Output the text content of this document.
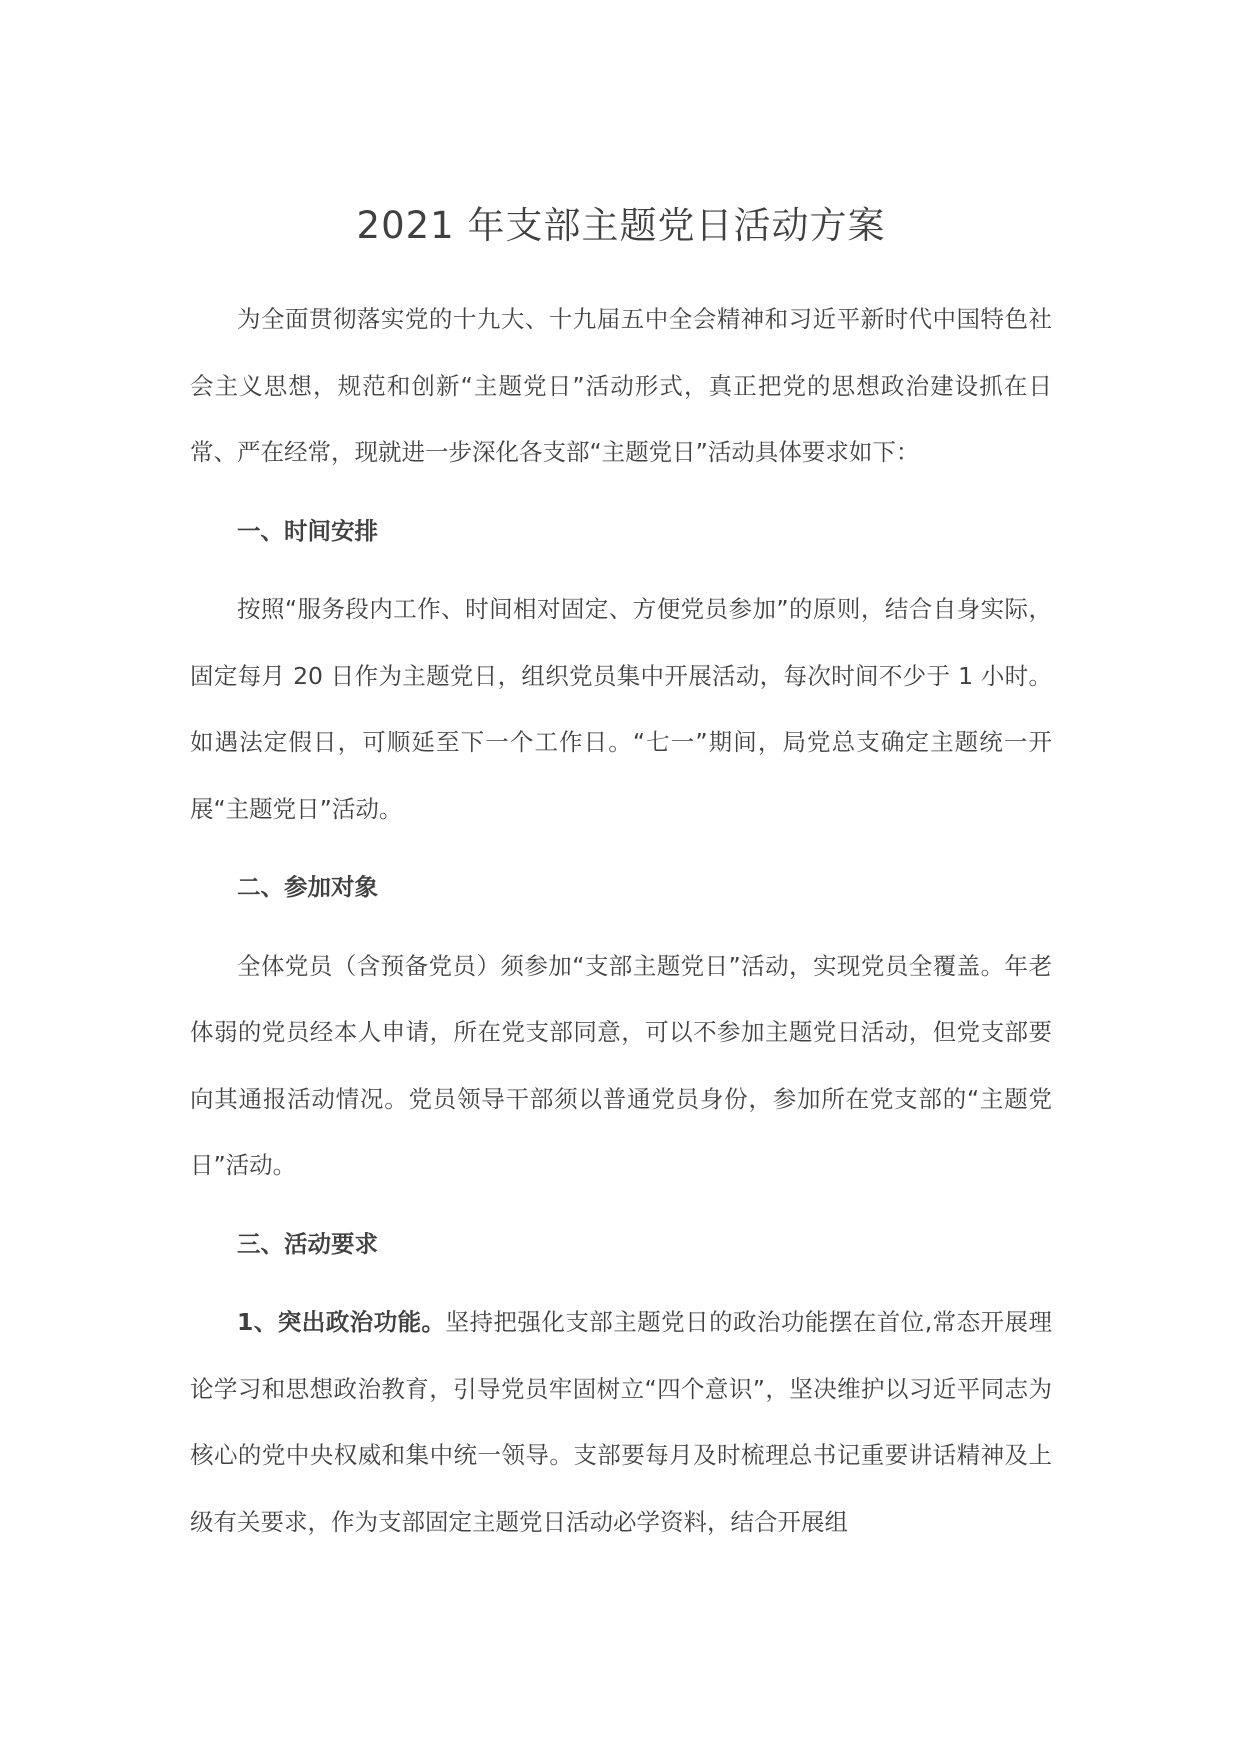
2021 年支部主题党日活动方案

为全面贯彻落实党的十九大、十九届五中全会精神和习近平新时代中国特色社会主义思想，规范和创新“主题党日”活动形式，真正把党的思想政治建设抓在日常、严在经常，现就进一步深化各支部“主题党日”活动具体要求如下：

一、时间安排

按照“服务段内工作、时间相对固定、方便党员参加”的原则，结合自身实际，固定每月 20 日作为主题党日，组织党员集中开展活动，每次时间不少于 1 小时。如遇法定假日，可顺延至下一个工作日。“七一”期间，局党总支确定主题统一开展“主题党日”活动。

二、参加对象

全体党员（含预备党员）须参加“支部主题党日”活动，实现党员全覆盖。年老体弱的党员经本人申请，所在党支部同意，可以不参加主题党日活动，但党支部要向其通报活动情况。党员领导干部须以普通党员身份，参加所在党支部的“主题党日”活动。

三、活动要求

1、突出政治功能。坚持把强化支部主题党日的政治功能摆在首位,常态开展理论学习和思想政治教育，引导党员牢固树立“四个意识”，坚决维护以习近平同志为核心的党中央权威和集中统一领导。支部要每月及时梳理总书记重要讲话精神及上级有关要求，作为支部固定主题党日活动必学资料，结合开展组
